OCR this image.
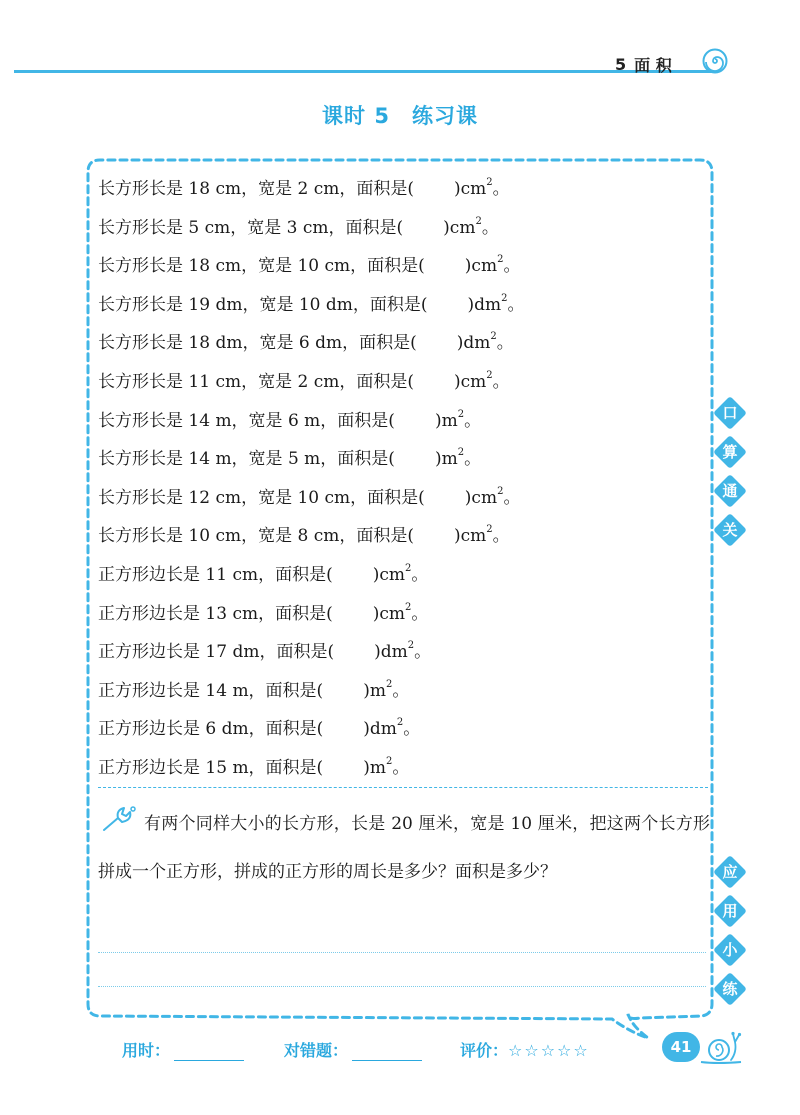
5 面 积
课时 5　练习课
长方形长是 18 cm，宽是 2 cm，面积是( )$cm^2$。
长方形长是 5 cm，宽是 3 cm，面积是( )$cm^2$。
长方形长是 18 cm，宽是 10 cm，面积是( )$cm^2$。
长方形长是 19 dm，宽是 10 dm，面积是( )$dm^2$。
长方形长是 18 dm，宽是 6 dm，面积是( )$dm^2$。
长方形长是 11 cm，宽是 2 cm，面积是( )$cm^2$。
长方形长是 14 m，宽是 6 m，面积是( )$m^2$。
长方形长是 14 m，宽是 5 m，面积是( )$m^2$。
长方形长是 12 cm，宽是 10 cm，面积是( )$cm^2$。
长方形长是 10 cm，宽是 8 cm，面积是( )$cm^2$。
正方形边长是 11 cm，面积是( )$cm^2$。
正方形边长是 13 cm，面积是( )$cm^2$。
正方形边长是 17 dm，面积是( )$dm^2$。
正方形边长是 14 m，面积是( )$m^2$。
正方形边长是 6 dm，面积是( )$dm^2$。
正方形边长是 15 m，面积是( )$m^2$。
有两个同样大小的长方形，长是 20 厘米，宽是 10 厘米，把这两个长方形拼成一个正方形，拼成的正方形的周长是多少？面积是多少？
口
算
通
关
应
用
小
练
用时：	对错题：	评价：☆☆☆☆☆	41
